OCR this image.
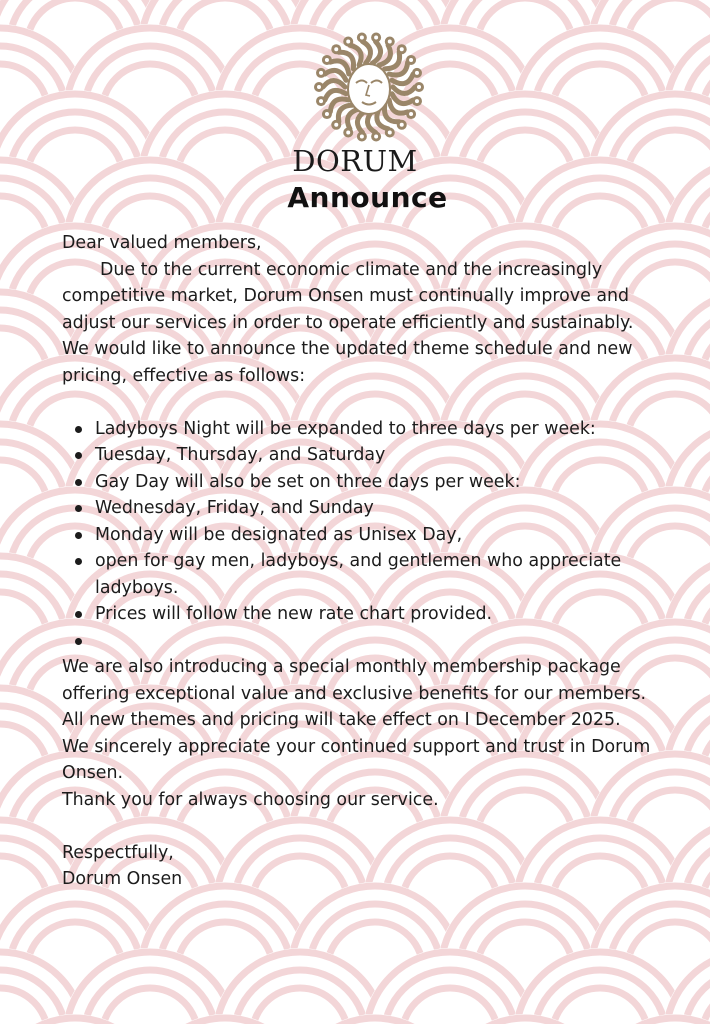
DORUM
Announce

Dear valued members,

Due to the current economic climate and the increasingly competitive market, Dorum Onsen must continually improve and adjust our services in order to operate efficiently and sustainably.

We would like to announce the updated theme schedule and new pricing, effective as follows:

Ladyboys Night will be expanded to three days per week:
Tuesday, Thursday, and Saturday
Gay Day will also be set on three days per week:
Wednesday, Friday, and Sunday
Monday will be designated as Unisex Day,
open for gay men, ladyboys, and gentlemen who appreciate ladyboys.
Prices will follow the new rate chart provided.

We are also introducing a special monthly membership package offering exceptional value and exclusive benefits for our members.

All new themes and pricing will take effect on I December 2025.

We sincerely appreciate your continued support and trust in Dorum Onsen.

Thank you for always choosing our service.

Respectfully,

Dorum Onsen
